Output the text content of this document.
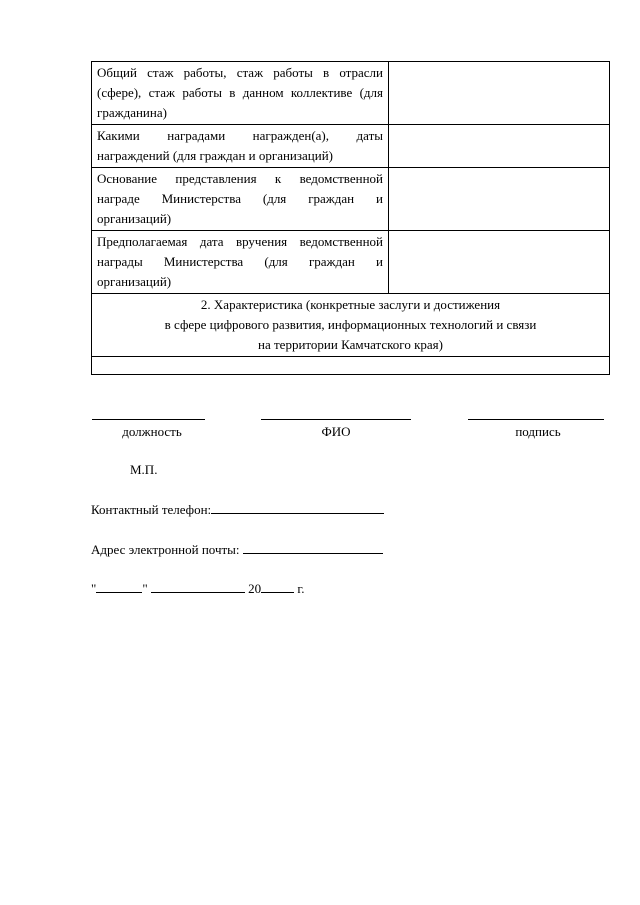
Общий стаж работы, стаж работы в отрасли (сфере), стаж работы в данном коллективе (для гражданина)	
Какими наградами награжден(а), даты награждений (для граждан и организаций)	
Основание представления к ведомственной награде Министерства (для граждан и организаций)	
Предполагаемая дата вручения ведомственной награды Министерства (для граждан и организаций)	

2. Характеристика (конкретные заслуги и достижения
в сфере цифрового развития, информационных технологий и связи
на территории Камчатского края)	

должность	ФИО	подпись
М.П.
Контактный телефон:
Адрес электронной почты:
"	"	20	г.
